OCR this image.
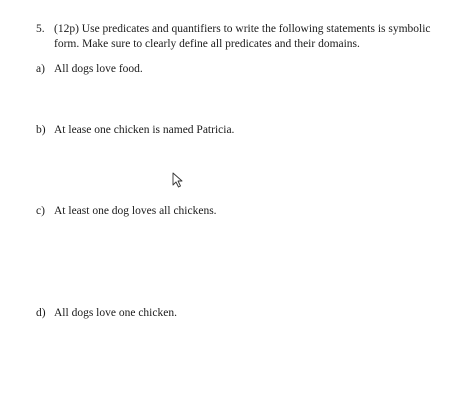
5. (12p) Use predicates and quantifiers to write the following statements is symbolic form. Make sure to clearly define all predicates and their domains.
a) All dogs love food.
b) At lease one chicken is named Patricia.
c) At least one dog loves all chickens.
d) All dogs love one chicken.
